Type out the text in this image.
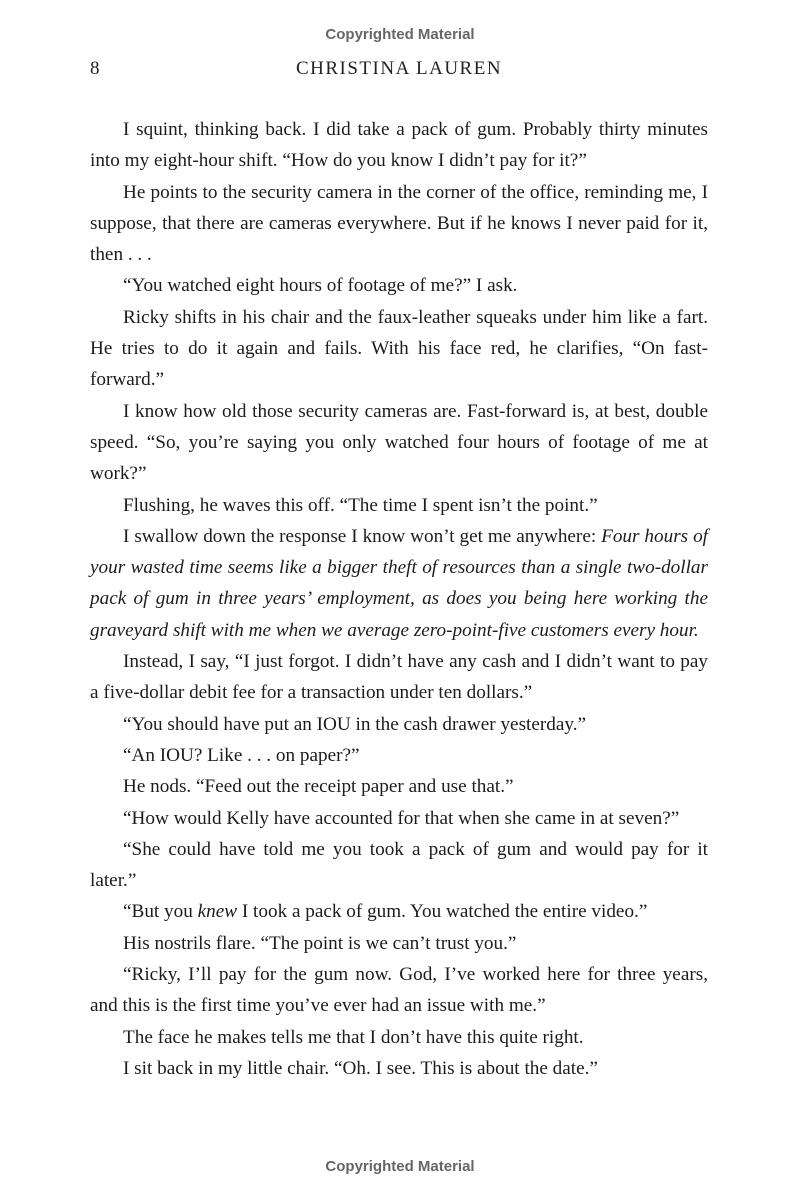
Copyrighted Material
8	CHRISTINA LAUREN

I squint, thinking back. I did take a pack of gum. Probably thirty minutes into my eight-hour shift. “How do you know I didn’t pay for it?”

He points to the security camera in the corner of the office, reminding me, I suppose, that there are cameras everywhere. But if he knows I never paid for it, then . . .

“You watched eight hours of footage of me?” I ask.

Ricky shifts in his chair and the faux-leather squeaks under him like a fart. He tries to do it again and fails. With his face red, he clarifies, “On fast-forward.”

I know how old those security cameras are. Fast-forward is, at best, double speed. “So, you’re saying you only watched four hours of footage of me at work?”

Flushing, he waves this off. “The time I spent isn’t the point.”

I swallow down the response I know won’t get me anywhere: Four hours of your wasted time seems like a bigger theft of resources than a single two-dollar pack of gum in three years’ employment, as does you being here working the graveyard shift with me when we average zero-point-five customers every hour.

Instead, I say, “I just forgot. I didn’t have any cash and I didn’t want to pay a five-dollar debit fee for a transaction under ten dollars.”

“You should have put an IOU in the cash drawer yesterday.”

“An IOU? Like . . . on paper?”

He nods. “Feed out the receipt paper and use that.”

“How would Kelly have accounted for that when she came in at seven?”

“She could have told me you took a pack of gum and would pay for it later.”

“But you knew I took a pack of gum. You watched the entire video.”

His nostrils flare. “The point is we can’t trust you.”

“Ricky, I’ll pay for the gum now. God, I’ve worked here for three years, and this is the first time you’ve ever had an issue with me.”

The face he makes tells me that I don’t have this quite right.

I sit back in my little chair. “Oh. I see. This is about the date.”

Copyrighted Material
